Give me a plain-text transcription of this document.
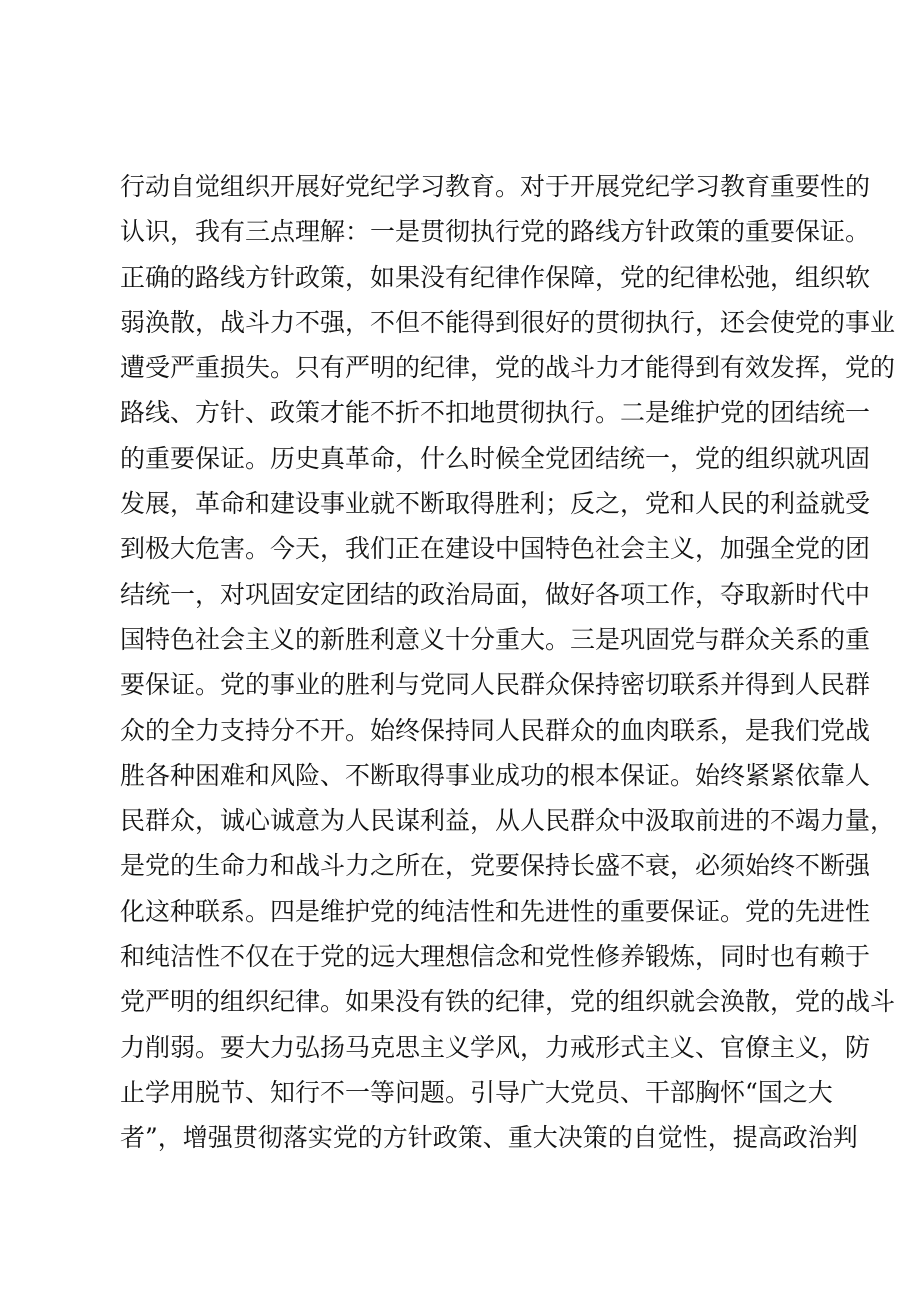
行动自觉组织开展好党纪学习教育。对于开展党纪学习教育重要性的
认识，我有三点理解：一是贯彻执行党的路线方针政策的重要保证。
正确的路线方针政策，如果没有纪律作保障，党的纪律松弛，组织软
弱涣散，战斗力不强，不但不能得到很好的贯彻执行，还会使党的事业
遭受严重损失。只有严明的纪律，党的战斗力才能得到有效发挥，党的
路线、方针、政策才能不折不扣地贯彻执行。二是维护党的团结统一
的重要保证。历史真革命，什么时候全党团结统一，党的组织就巩固
发展，革命和建设事业就不断取得胜利；反之，党和人民的利益就受
到极大危害。今天，我们正在建设中国特色社会主义，加强全党的团
结统一，对巩固安定团结的政治局面，做好各项工作，夺取新时代中
国特色社会主义的新胜利意义十分重大。三是巩固党与群众关系的重
要保证。党的事业的胜利与党同人民群众保持密切联系并得到人民群
众的全力支持分不开。始终保持同人民群众的血肉联系，是我们党战
胜各种困难和风险、不断取得事业成功的根本保证。始终紧紧依靠人
民群众，诚心诚意为人民谋利益，从人民群众中汲取前进的不竭力量，
是党的生命力和战斗力之所在，党要保持长盛不衰，必须始终不断强
化这种联系。四是维护党的纯洁性和先进性的重要保证。党的先进性
和纯洁性不仅在于党的远大理想信念和党性修养锻炼，同时也有赖于
党严明的组织纪律。如果没有铁的纪律，党的组织就会涣散，党的战斗
力削弱。要大力弘扬马克思主义学风，力戒形式主义、官僚主义，防
止学用脱节、知行不一等问题。引导广大党员、干部胸怀“国之大
者”，增强贯彻落实党的方针政策、重大决策的自觉性，提高政治判
